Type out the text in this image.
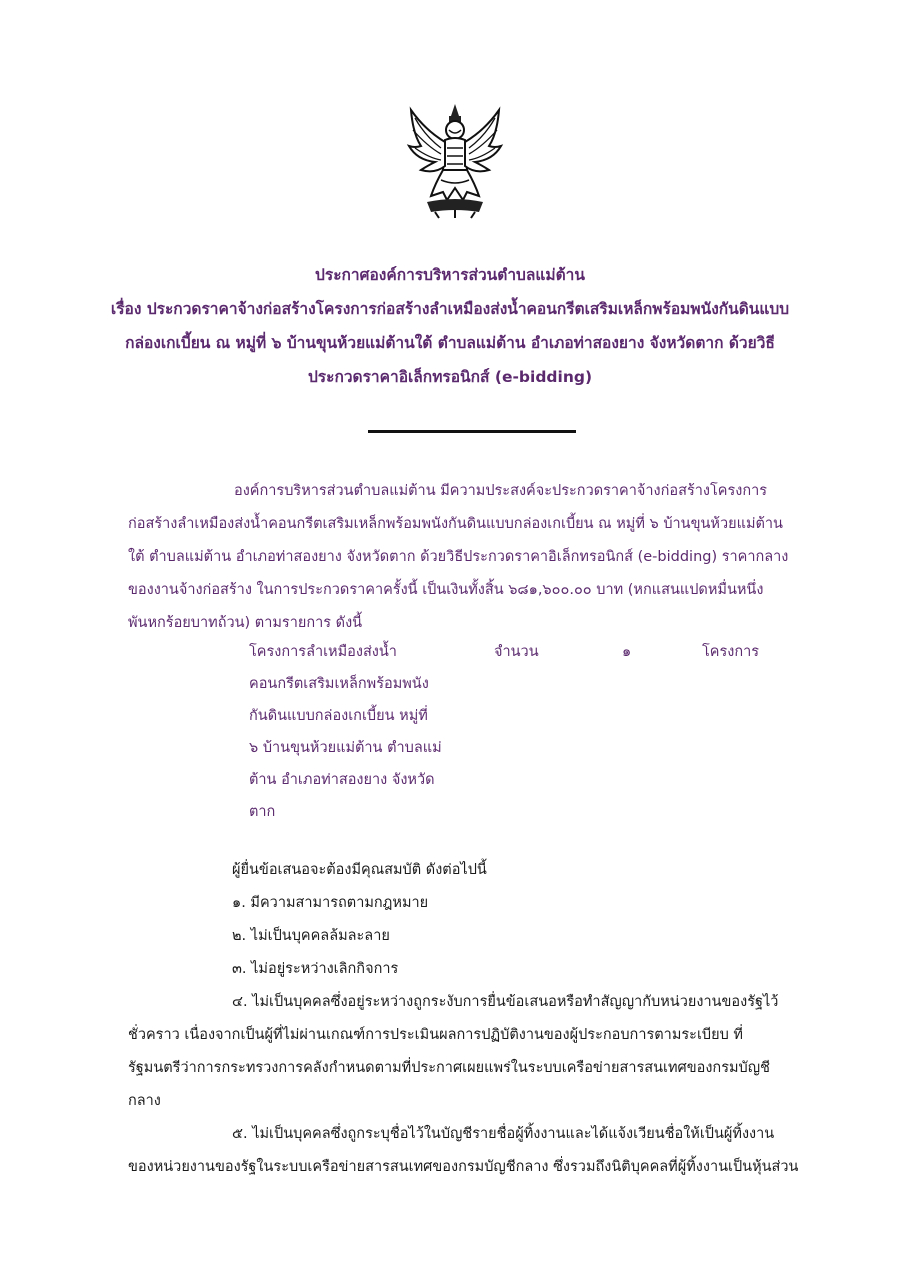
ประกาศองค์การบริหารส่วนตำบลแม่ต้าน
เรื่อง ประกวดราคาจ้างก่อสร้างโครงการก่อสร้างลำเหมืองส่งน้ำคอนกรีตเสริมเหล็กพร้อมพนังกันดินแบบ
กล่องเกเบี้ยน ณ หมู่ที่ ๖ บ้านขุนห้วยแม่ต้านใต้ ตำบลแม่ต้าน อำเภอท่าสองยาง จังหวัดตาก ด้วยวิธี
ประกวดราคาอิเล็กทรอนิกส์ (e-bidding)
องค์การบริหารส่วนตำบลแม่ต้าน มีความประสงค์จะประกวดราคาจ้างก่อสร้างโครงการ
ก่อสร้างลำเหมืองส่งน้ำคอนกรีตเสริมเหล็กพร้อมพนังกันดินแบบกล่องเกเบี้ยน ณ หมู่ที่ ๖ บ้านขุนห้วยแม่ต้าน
ใต้ ตำบลแม่ต้าน อำเภอท่าสองยาง จังหวัดตาก ด้วยวิธีประกวดราคาอิเล็กทรอนิกส์ (e-bidding) ราคากลาง
ของงานจ้างก่อสร้าง ในการประกวดราคาครั้งนี้ เป็นเงินทั้งสิ้น ๖๘๑,๖๐๐.๐๐ บาท (หกแสนแปดหมื่นหนึ่ง
พันหกร้อยบาทถ้วน) ตามรายการ ดังนี้
โครงการลำเหมืองส่งน้ำ
คอนกรีตเสริมเหล็กพร้อมพนัง
กันดินแบบกล่องเกเบี้ยน หมู่ที่
๖ บ้านขุนห้วยแม่ต้าน ตำบลแม่
ต้าน อำเภอท่าสองยาง จังหวัด
ตาก
จำนวน	๑	โครงการ
ผู้ยื่นข้อเสนอจะต้องมีคุณสมบัติ ดังต่อไปนี้
๑. มีความสามารถตามกฎหมาย
๒. ไม่เป็นบุคคลล้มละลาย
๓. ไม่อยู่ระหว่างเลิกกิจการ
๔. ไม่เป็นบุคคลซึ่งอยู่ระหว่างถูกระงับการยื่นข้อเสนอหรือทำสัญญากับหน่วยงานของรัฐไว้
ชั่วคราว เนื่องจากเป็นผู้ที่ไม่ผ่านเกณฑ์การประเมินผลการปฏิบัติงานของผู้ประกอบการตามระเบียบ ที่
รัฐมนตรีว่าการกระทรวงการคลังกำหนดตามที่ประกาศเผยแพร่ในระบบเครือข่ายสารสนเทศของกรมบัญชี
กลาง
๕. ไม่เป็นบุคคลซึ่งถูกระบุชื่อไว้ในบัญชีรายชื่อผู้ทิ้งงานและได้แจ้งเวียนชื่อให้เป็นผู้ทิ้งงาน
ของหน่วยงานของรัฐในระบบเครือข่ายสารสนเทศของกรมบัญชีกลาง ซึ่งรวมถึงนิติบุคคลที่ผู้ทิ้งงานเป็นหุ้นส่วน
